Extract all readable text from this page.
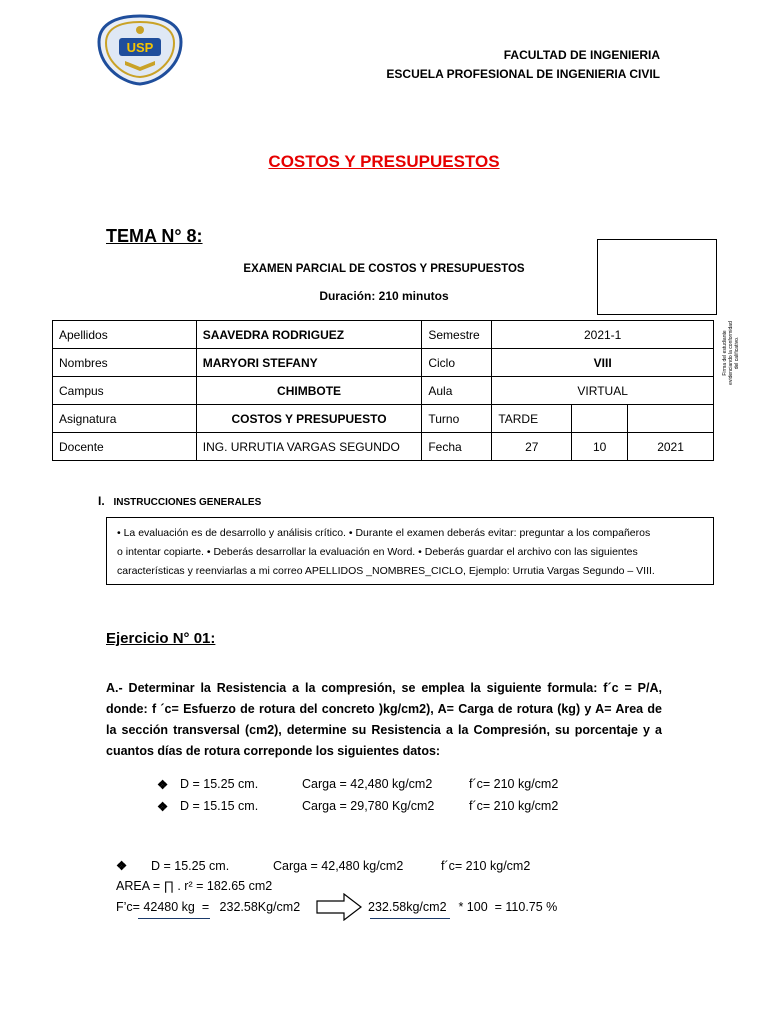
USP	FACULTAD DE INGENIERIA
ESCUELA PROFESIONAL DE INGENIERIA CIVIL
COSTOS Y PRESUPUESTOS
TEMA N° 8:
EXAMEN PARCIAL DE COSTOS Y PRESUPUESTOS
Duración: 210 minutos
Firma del estudiante evidenciando la conformidad del calificativo.
Apellidos	SAAVEDRA RODRIGUEZ	Semestre	2021-1		
Nombres	MARYORI STEFANY	Ciclo	VIII		
Campus	CHIMBOTE	Aula	VIRTUAL		
Asignatura	COSTOS Y PRESUPUESTO	Turno	TARDE		
Docente	ING. URRUTIA VARGAS SEGUNDO	Fecha	27	10	2021
I. INSTRUCCIONES GENERALES
• La evaluación es de desarrollo y análisis crítico. • Durante el examen deberás evitar: preguntar a los compañeros
o intentar copiarte. • Deberás desarrollar la evaluación en Word. • Deberás guardar el archivo con las siguientes
características y reenviarlas a mi correo APELLIDOS _NOMBRES_CICLO, Ejemplo: Urrutia Vargas Segundo – VIII.
Ejercicio N° 01:
A.- Determinar la Resistencia a la compresión, se emplea la siguiente formula: f´c = P/A, donde: f ´c= Esfuerzo de rotura del concreto )kg/cm2), A= Carga de rotura (kg) y A= Area de la sección transversal (cm2), determine su Resistencia a la Compresión, su porcentaje y a cuantos días de rotura correponde los siguientes datos:
❖ D = 15.25 cm.	Carga = 42,480 kg/cm2	f´c= 210 kg/cm2
❖ D = 15.15 cm.	Carga = 29,780 Kg/cm2	f´c= 210 kg/cm2
❖ D = 15.25 cm.	Carga = 42,480 kg/cm2	f´c= 210 kg/cm2
AREA = ∏ . r² = 182.65 cm2
F’c= 42480 kg  =   232.58Kg/cm2	232.58kg/cm2 * 100  = 110.75 %
